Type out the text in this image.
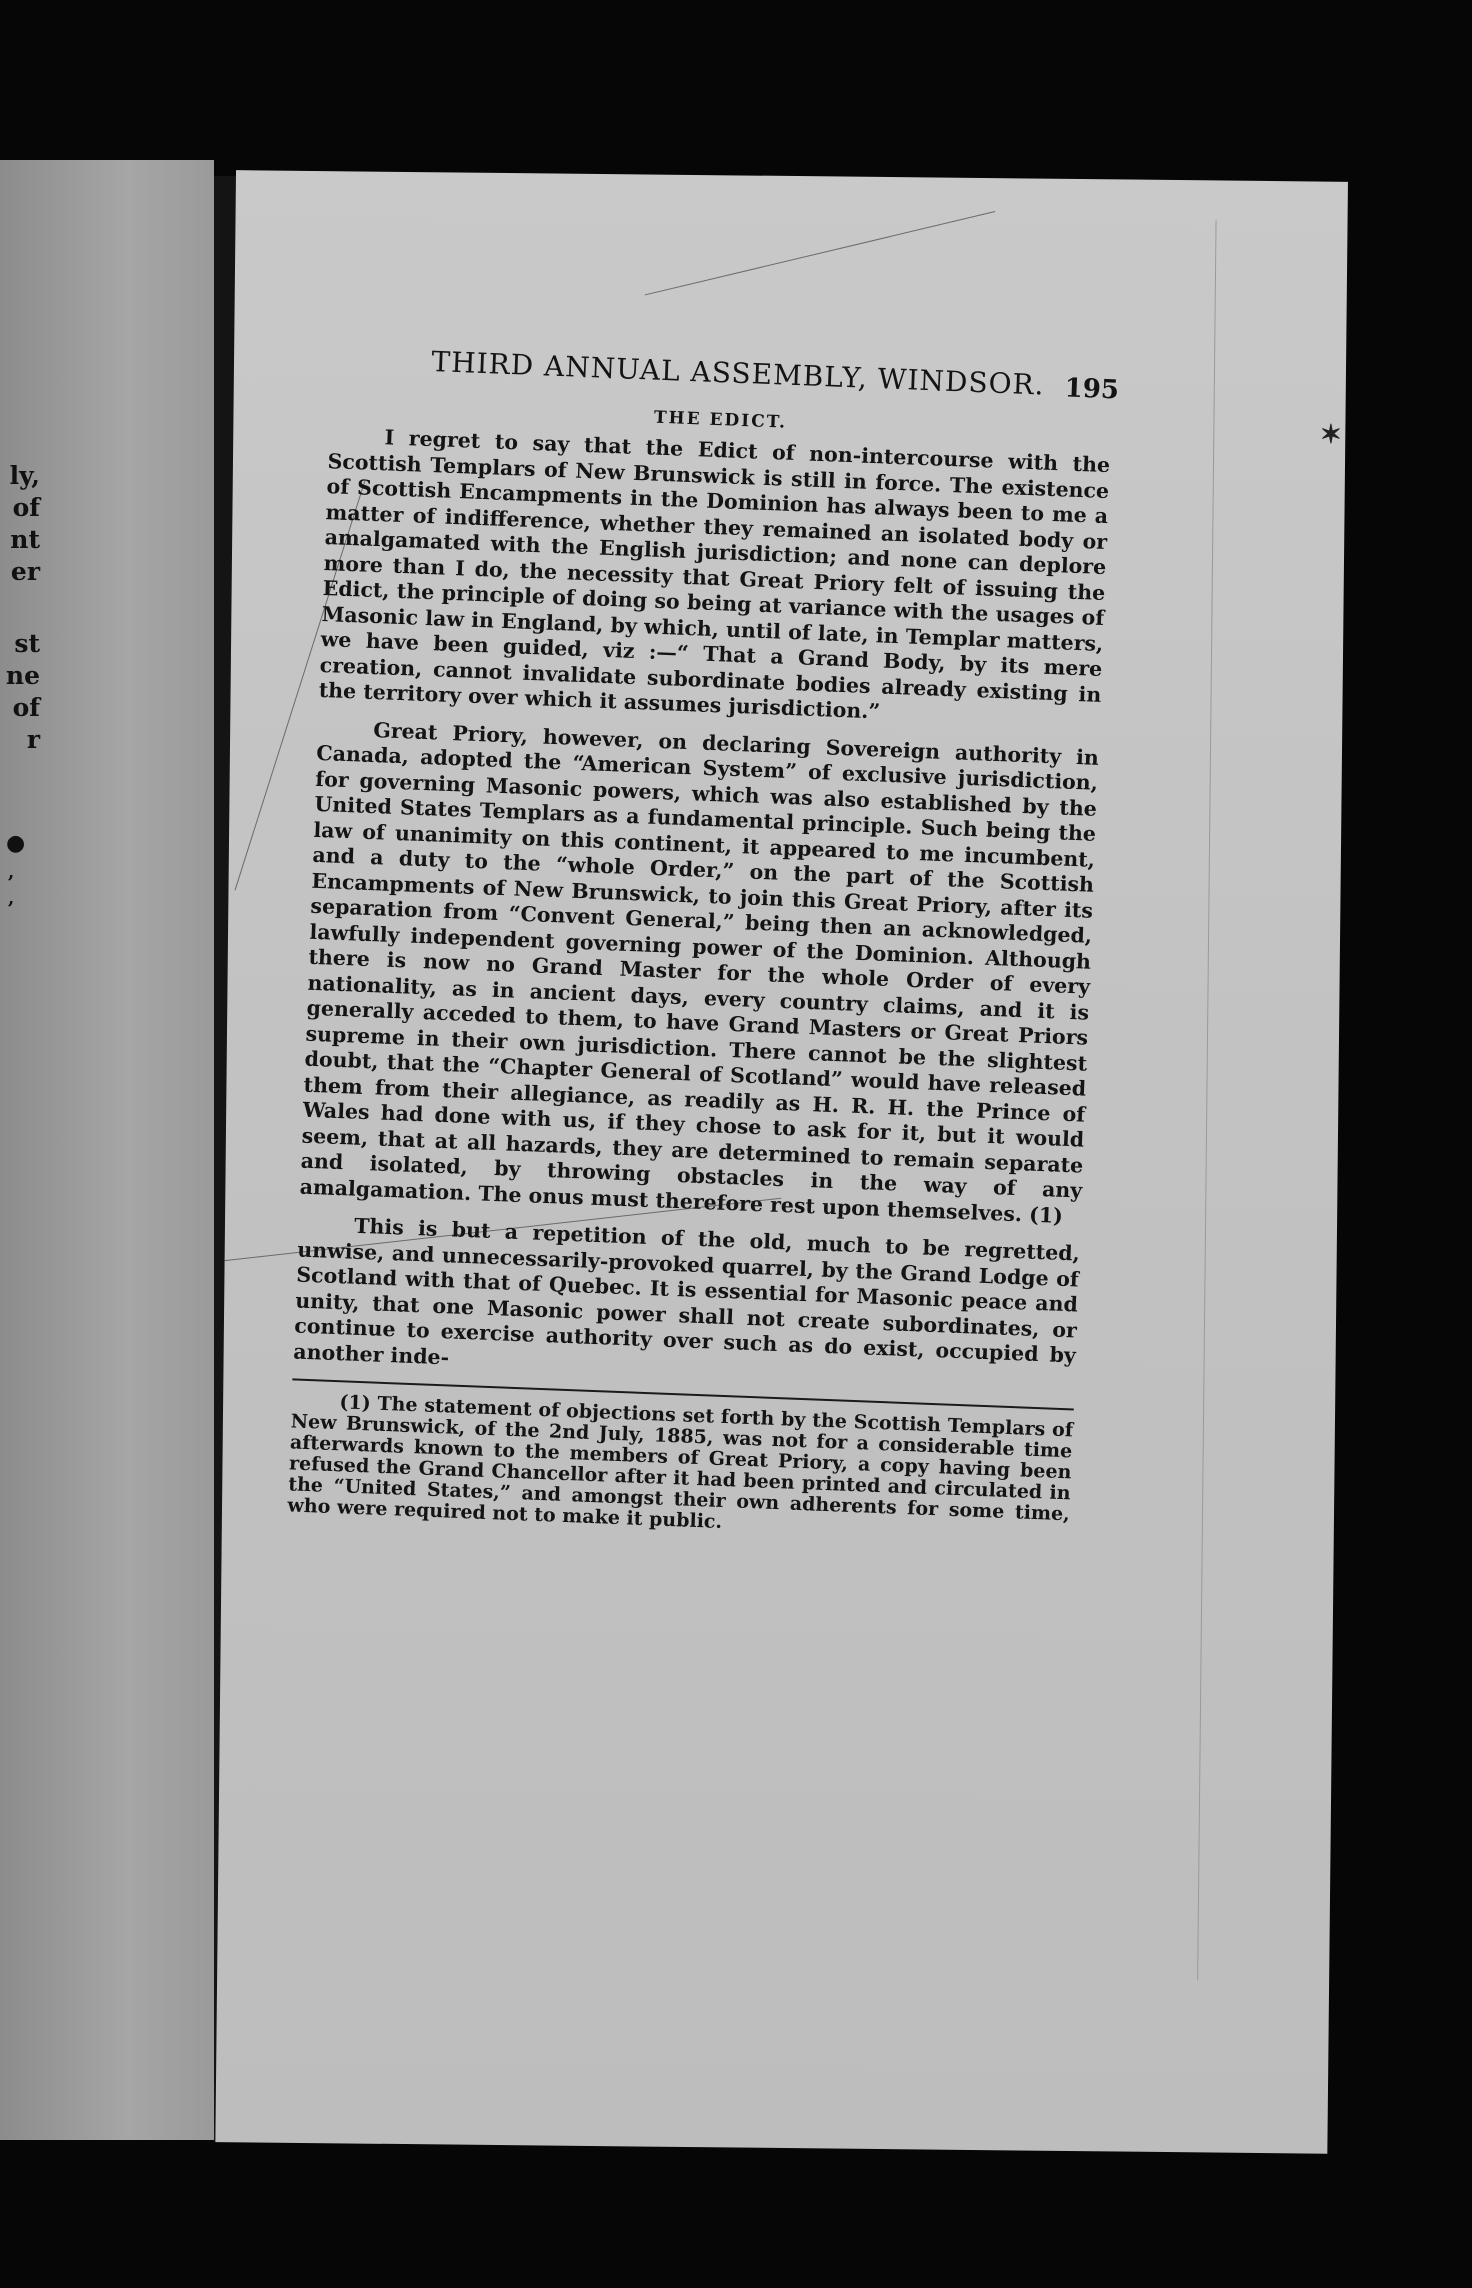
ly,
of
nt
er
st
ne
of
r
●
,
,
THIRD ANNUAL ASSEMBLY, WINDSOR. 195
THE EDICT.

I regret to say that the Edict of non-intercourse with the Scottish Templars of New Brunswick is still in force. The existence of Scottish Encampments in the Dominion has always been to me a matter of indifference, whether they remained an isolated body or amalgamated with the English jurisdiction; and none can deplore more than I do, the necessity that Great Priory felt of issuing the Edict, the principle of doing so being at variance with the usages of Masonic law in England, by which, until of late, in Templar matters, we have been guided, viz :—“ That a Grand Body, by its mere creation, cannot invalidate subordinate bodies already existing in the territory over which it assumes jurisdiction.”

Great Priory, however, on declaring Sovereign authority in Canada, adopted the “American System” of exclusive jurisdiction, for governing Masonic powers, which was also established by the United States Templars as a fundamental principle. Such being the law of unanimity on this continent, it appeared to me incumbent, and a duty to the “whole Order,” on the part of the Scottish Encampments of New Brunswick, to join this Great Priory, after its separation from “Convent General,” being then an acknowledged, lawfully independent governing power of the Dominion. Although there is now no Grand Master for the whole Order of every nationality, as in ancient days, every country claims, and it is generally acceded to them, to have Grand Masters or Great Priors supreme in their own jurisdiction. There cannot be the slightest doubt, that the “Chapter General of Scotland” would have released them from their allegiance, as readily as H. R. H. the Prince of Wales had done with us, if they chose to ask for it, but it would seem, that at all hazards, they are determined to remain separate and isolated, by throwing obstacles in the way of any amalgamation. The onus must therefore rest upon themselves. (1)

This is but a repetition of the old, much to be regretted, unwise, and unnecessarily-provoked quarrel, by the Grand Lodge of Scotland with that of Quebec. It is essential for Masonic peace and unity, that one Masonic power shall not create subordinates, or continue to exercise authority over such as do exist, occupied by another inde-

(1) The statement of objections set forth by the Scottish Templars of New Brunswick, of the 2nd July, 1885, was not for a considerable time afterwards known to the members of Great Priory, a copy having been refused the Grand Chancellor after it had been printed and circulated in the “United States,” and amongst their own adherents for some time, who were required not to make it public.

✶
